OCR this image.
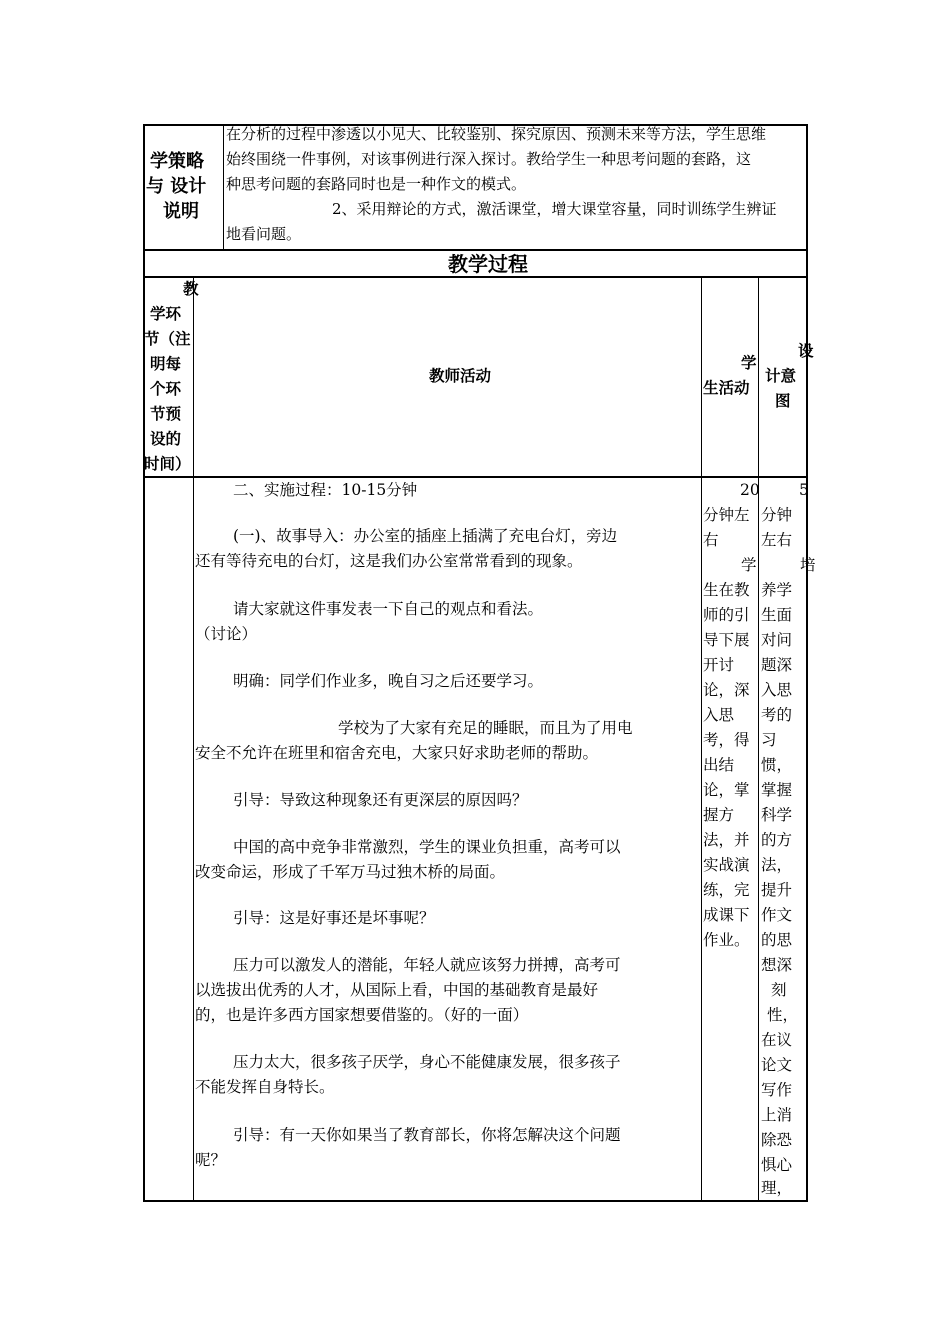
学策略
与 设计
说明
在分析的过程中渗透以小见大、比较鉴别、探究原因、预测未来等方法，学生思维
始终围绕一件事例，对该事例进行深入探讨。教给学生一种思考问题的套路，这
种思考问题的套路同时也是一种作文的模式。
2、采用辩论的方式，激活课堂，增大课堂容量，同时训练学生辨证
地看问题。
教学过程
教
学环
节（注
明每
个环
节预
设的
时间）
教师活动
学
生活动
设
计意
图
二、实施过程：10-15分钟
(一)、故事导入：办公室的插座上插满了充电台灯，旁边
还有等待充电的台灯，这是我们办公室常常看到的现象。
请大家就这件事发表一下自己的观点和看法。
（讨论）
明确：同学们作业多，晚自习之后还要学习。
学校为了大家有充足的睡眠，而且为了用电
安全不允许在班里和宿舍充电，大家只好求助老师的帮助。
引导：导致这种现象还有更深层的原因吗？
中国的高中竞争非常激烈，学生的课业负担重，高考可以
改变命运，形成了千军万马过独木桥的局面。
引导：这是好事还是坏事呢？
压力可以激发人的潜能，年轻人就应该努力拼搏，高考可
以选拔出优秀的人才，从国际上看，中国的基础教育是最好
的，也是许多西方国家想要借鉴的。（好的一面）
压力太大，很多孩子厌学，身心不能健康发展，很多孩子
不能发挥自身特长。
引导：有一天你如果当了教育部长，你将怎解决这个问题
呢？
20
分钟左
右
学
生在教
师的引
导下展
开讨
论，深
入思
考，得
出结
论，掌
握方
法，并
实战演
练，完
成课下
作业。
5
分钟
左右
培
养学
生面
对问
题深
入思
考的
习
惯，
掌握
科学
的方
法，
提升
作文
的思
想深
刻
性，
在议
论文
写作
上消
除恐
惧心
理，
